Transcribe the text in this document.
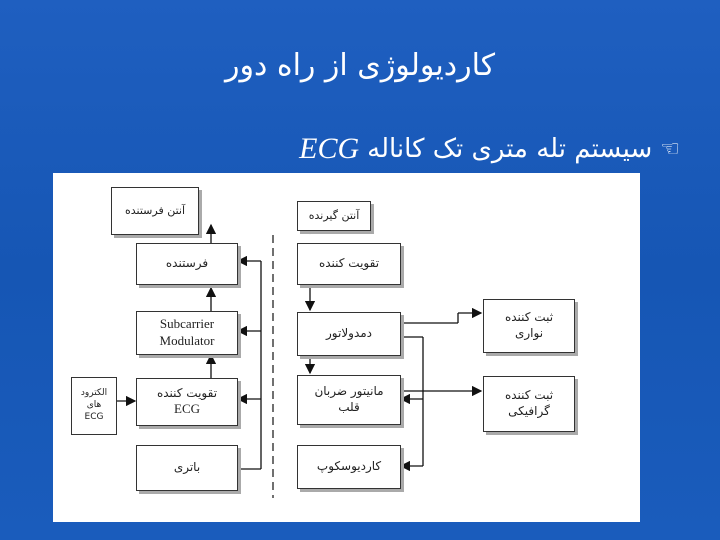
کاردیولوژی از راه دور
☜
سیستم تله متری تک کاناله
ECG
آنتن فرستنده
فرستنده
Subcarrier
Modulator
تقویت کننده
ECG
باتری
الکترود
های
ECG
آنتن گیرنده
تقویت کننده
دمدولاتور
مانیتور ضربان قلب
کاردیوسکوپ
ثبت کننده نواری
ثبت کننده گرافیکی
